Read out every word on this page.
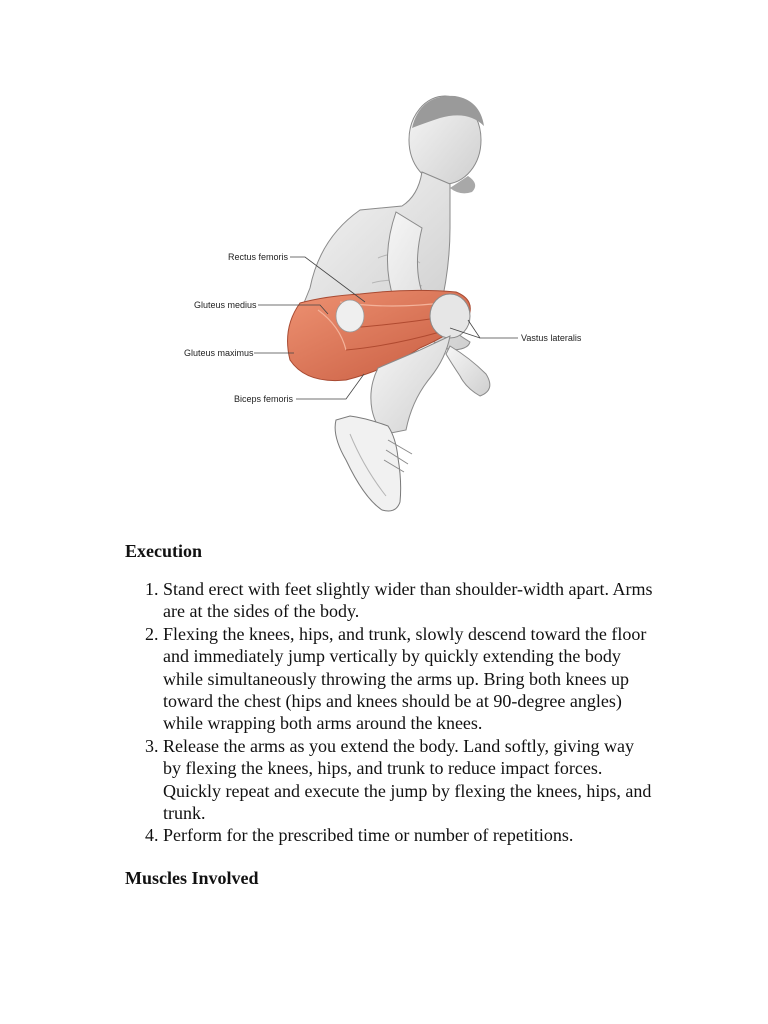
Rectus femoris
Gluteus medius
Gluteus maximus
Biceps femoris
Vastus lateralis
Execution
1. Stand erect with feet slightly wider than shoulder-width apart. Arms are at the sides of the body.
2. Flexing the knees, hips, and trunk, slowly descend toward the floor and immediately jump vertically by quickly extending the body while simultaneously throwing the arms up. Bring both knees up toward the chest (hips and knees should be at 90-degree angles) while wrapping both arms around the knees.
3. Release the arms as you extend the body. Land softly, giving way by flexing the knees, hips, and trunk to reduce impact forces. Quickly repeat and execute the jump by flexing the knees, hips, and trunk.
4. Perform for the prescribed time or number of repetitions.
Muscles Involved
